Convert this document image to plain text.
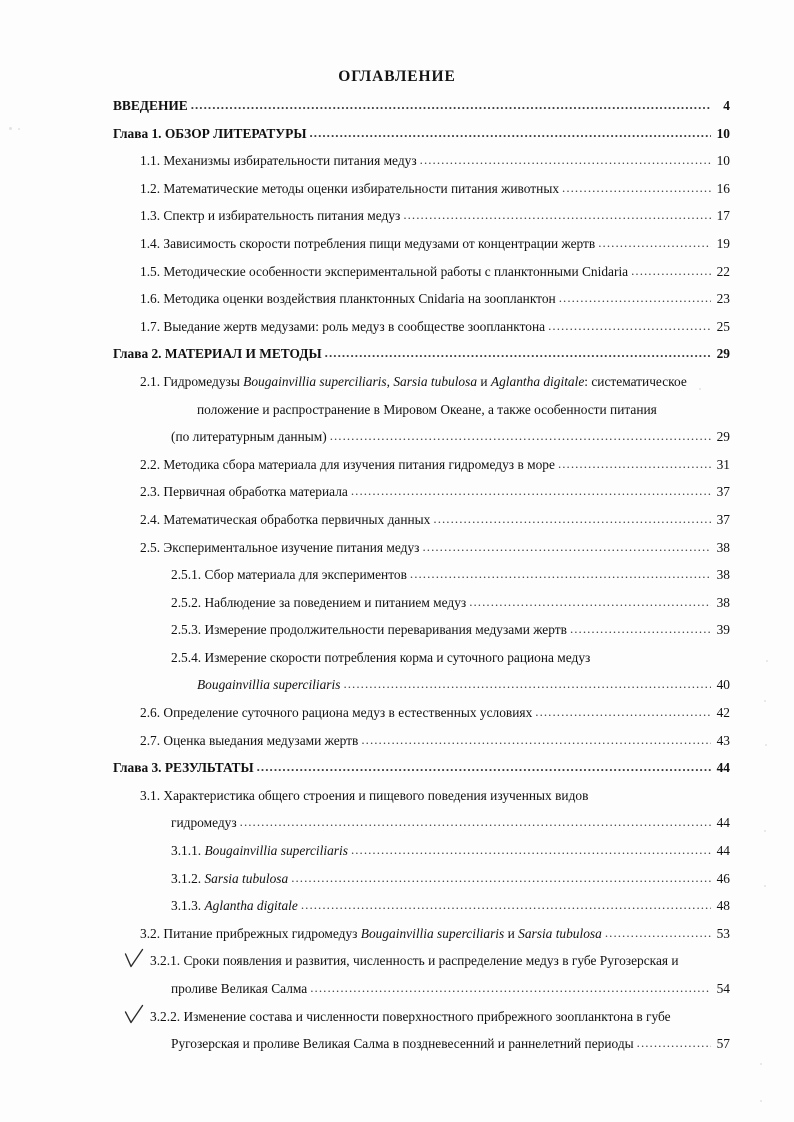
ОГЛАВЛЕНИЕ
ВВЕДЕНИЕ .....	4
Глава 1. ОБЗОР ЛИТЕРАТУРЫ .....	10
1.1. Механизмы избирательности питания медуз .....	10
1.2. Математические методы оценки избирательности питания животных .....	16
1.3. Спектр и избирательность питания медуз .....	17
1.4. Зависимость скорости потребления пищи медузами от концентрации жертв .....	19
1.5. Методические особенности экспериментальной работы с планктонными Cnidaria .....	22
1.6. Методика оценки воздействия планктонных Cnidaria на зоопланктон .....	23
1.7. Выедание жертв медузами: роль медуз в сообществе зоопланктона .....	25
Глава 2. МАТЕРИАЛ И МЕТОДЫ .....	29
2.1. Гидромедузы Bougainvillia superciliaris, Sarsia tubulosa и Aglantha digitale: систематическое
положение и распространение в Мировом Океане, а также особенности питания
(по литературным данным) .....	29
2.2. Методика сбора материала для изучения питания гидромедуз в море .....	31
2.3. Первичная обработка материала .....	37
2.4. Математическая обработка первичных данных .....	37
2.5. Экспериментальное изучение питания медуз .....	38
2.5.1. Сбор материала для экспериментов .....	38
2.5.2. Наблюдение за поведением и питанием медуз .....	38
2.5.3. Измерение продолжительности переваривания медузами жертв .....	39
2.5.4. Измерение скорости потребления корма и суточного рациона медуз
Bougainvillia superciliaris .....	40
2.6. Определение суточного рациона медуз в естественных условиях .....	42
2.7. Оценка выедания медузами жертв .....	43
Глава 3. РЕЗУЛЬТАТЫ .....	44
3.1. Характеристика общего строения и пищевого поведения изученных видов
гидромедуз .....	44
3.1.1. Bougainvillia superciliaris .....	44
3.1.2. Sarsia tubulosa .....	46
3.1.3. Aglantha digitale .....	48
3.2. Питание прибрежных гидромедуз Bougainvillia superciliaris и Sarsia tubulosa .....	53
3.2.1. Сроки появления и развития, численность и распределение медуз в губе Ругозерская и
проливе Великая Салма .....	54
3.2.2. Изменение состава и численности поверхностного прибрежного зоопланктона в губе
Ругозерская и проливе Великая Салма в поздневесенний и раннелетний периоды .....	57
